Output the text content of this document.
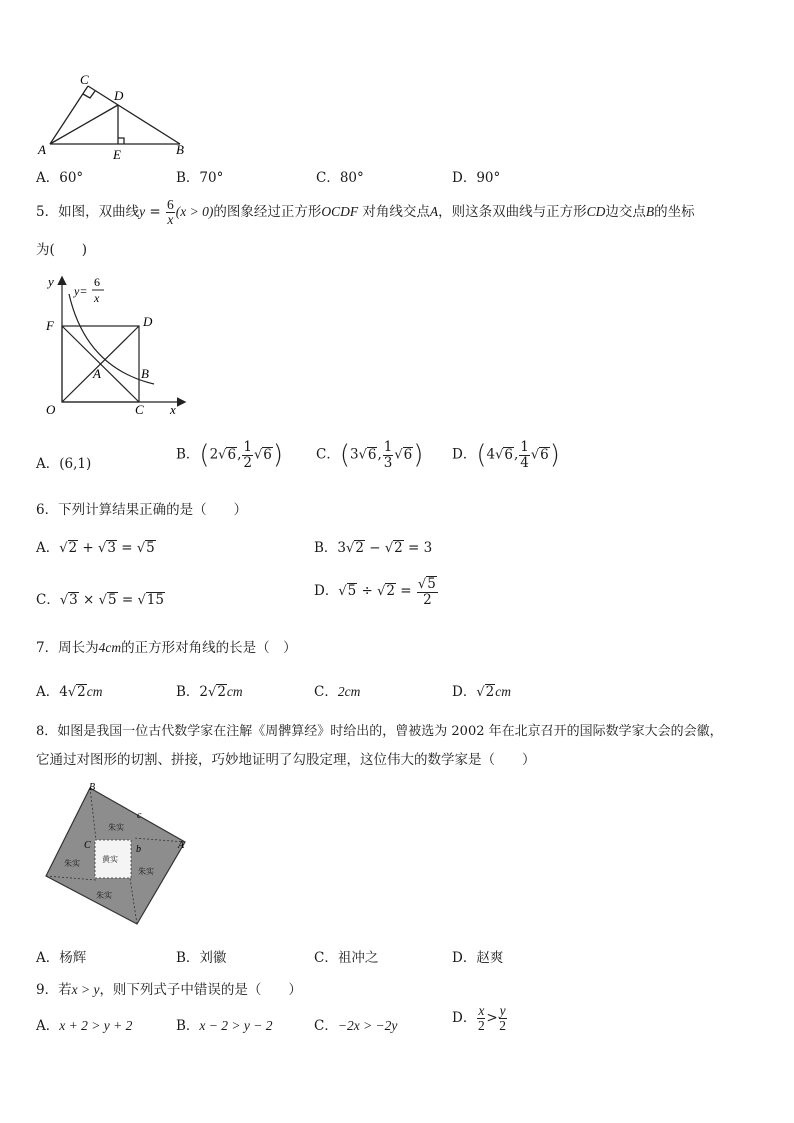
C
D
A	E	B
A．60°	B．70°	C．80°	D．90°
5．如图，双曲线$y = \frac{6}{x} (x > 0)$的图象经过正方形OCDF 对角线交点A，则这条双曲线与正方形CD边交点B的坐标
为(　　)
y
y=
6
x
F	D
A	B
O	C x
A．(6,1)
B．(2√6, $\frac{1}{2} √6$) C．(3√6, $\frac{1}{3} √6$) D．(4√6, $\frac{1}{4} √6$)
6．下列计算结果正确的是（　　）
A．√2 + √3 = √5	B．3√2 − √2 = 3
C．√3 × √5 = √15
D．$√5 \div √2 = \frac{√5}{2}$
7．周长为4cm的正方形对角线的长是（　）
A．4√2cm	B．2√2cm	C．2cm	D．√2cm
8．如图是我国一位古代数学家在注解《周髀算经》时给出的，曾被选为 2002 年在北京召开的国际数学家大会的会徽，
它通过对图形的切割、拼接，巧妙地证明了勾股定理，这位伟大的数学家是（　　）
B
c
C	b	A
朱实
朱实
朱实
朱实
黄实
A．杨辉	B．刘徽	C．祖冲之	D．赵爽
9．若x > y，则下列式子中错误的是（　　）
A．x + 2 > y + 2	B．x − 2 > y − 2	C．−2x > −2y	D． $\frac{x}{2} > \frac{y}{2}$
